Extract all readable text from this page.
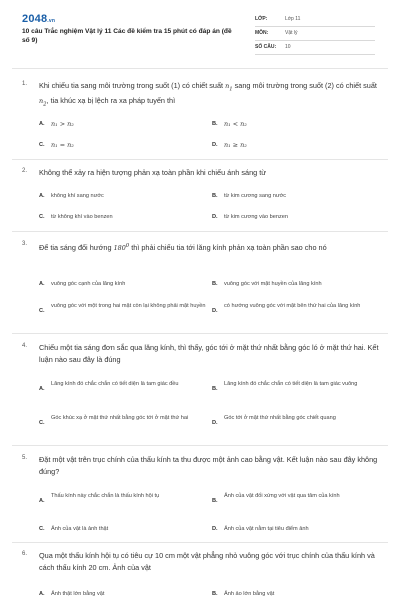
2048.vn
10 câu Trắc nghiệm Vật lý 11 Các đề kiểm tra 15 phút có đáp án (đề số 9)
LỚP:	Lớp 11
MÔN:	Vật lý
SỐ CÂU: 10
1. Khi chiếu tia sang môi trường trong suốt (1) có chiết suất $n_1$ sang môi trường trong suốt (2) có chiết suất $n_2$, tia khúc xạ bị lệch ra xa pháp tuyến thì
A. n₁ > n₂	B. n₁ < n₂
C. n₁ = n₂	D. n₁ ≥ n₂
2. Không thể xảy ra hiện tượng phản xạ toàn phần khi chiếu ánh sáng từ
A. không khí sang nước	B. từ kim cương sang nước
C. từ không khí vào benzen	D. từ kim cương vào benzen
3. Để tia sáng đổi hướng $180^0$ thì phải chiếu tia tới lăng kính phản xạ toàn phần sao cho nó
A. vuông góc cạnh của lăng kính	B. vuông góc với mặt huyền của lăng kính
C.
vuông góc với một trong hai mặt còn lại không phải mặt huyền
D.
có hướng vuông góc với mặt bên thứ hai của lăng kính
4. Chiếu một tia sáng đơn sắc qua lăng kính, thì thấy, góc tới ở mặt thứ nhất bằng góc ló ở mặt thứ hai. Kết luận nào sau đây là đúng
A.
Lăng kính đó chắc chắn có tiết diện là tam giác đều
B.
Lăng kính đó chắc chắn có tiết diện là tam giác vuông
C.
Góc khúc xạ ở mặt thứ nhất bằng góc tới ở mặt thứ hai
D.
Góc tới ở mặt thứ nhất bằng góc chiết quang
5. Đặt một vật trên trục chính của thấu kính ta thu được một ảnh cao bằng vật. Kết luận nào sau đây không đúng?
A.
Thấu kính này chắc chắn là thấu kính hội tụ
B.
Ảnh của vật đối xứng với vật qua tâm của kính
C. Ảnh của vật là ảnh thật	D. Ảnh của vật nằm tại tiêu điểm ảnh
6. Qua một thấu kính hội tụ có tiêu cự 10 cm một vật phẳng nhỏ vuông góc với trục chính của thấu kính và cách thấu kính 20 cm. Ảnh của vật
A. Ảnh thật lớn bằng vật	B. Ảnh ảo lớn bằng vật
